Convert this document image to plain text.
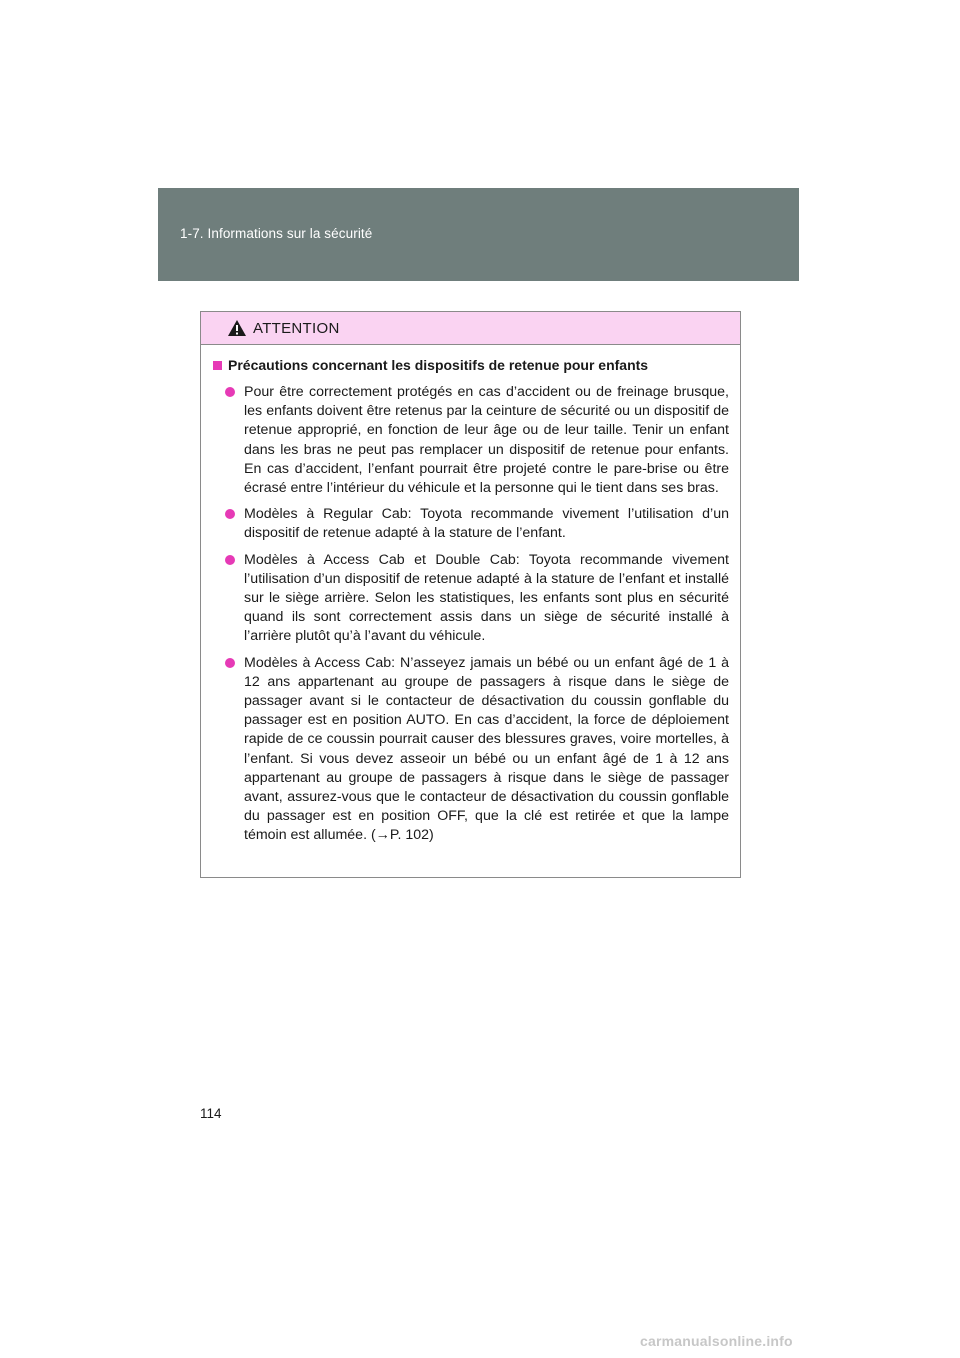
1-7. Informations sur la sécurité
ATTENTION
Précautions concernant les dispositifs de retenue pour enfants
Pour être correctement protégés en cas d’accident ou de freinage brusque, les enfants doivent être retenus par la ceinture de sécurité ou un dispositif de retenue approprié, en fonction de leur âge ou de leur taille. Tenir un enfant dans les bras ne peut pas remplacer un dispositif de retenue pour enfants. En cas d’accident, l’enfant pourrait être projeté contre le pare-brise ou être écrasé entre l’intérieur du véhicule et la personne qui le tient dans ses bras.
Modèles à Regular Cab: Toyota recommande vivement l’utilisation d’un dispositif de retenue adapté à la stature de l’enfant.
Modèles à Access Cab et Double Cab: Toyota recommande vivement l’utilisation d’un dispositif de retenue adapté à la stature de l’enfant et installé sur le siège arrière. Selon les statistiques, les enfants sont plus en sécurité quand ils sont correctement assis dans un siège de sécurité installé à l’arrière plutôt qu’à l’avant du véhicule.
Modèles à Access Cab: N’asseyez jamais un bébé ou un enfant âgé de 1 à 12 ans appartenant au groupe de passagers à risque dans le siège de passager avant si le contacteur de désactivation du coussin gonflable du passager est en position AUTO. En cas d’accident, la force de déploiement rapide de ce coussin pourrait causer des blessures graves, voire mortelles, à l’enfant. Si vous devez asseoir un bébé ou un enfant âgé de 1 à 12 ans appartenant au groupe de passagers à risque dans le siège de passager avant, assurez-vous que le contacteur de désactivation du coussin gonflable du passager est en position OFF, que la clé est retirée et que la lampe témoin est allumée. (→P. 102)
114
carmanualsonline.info
